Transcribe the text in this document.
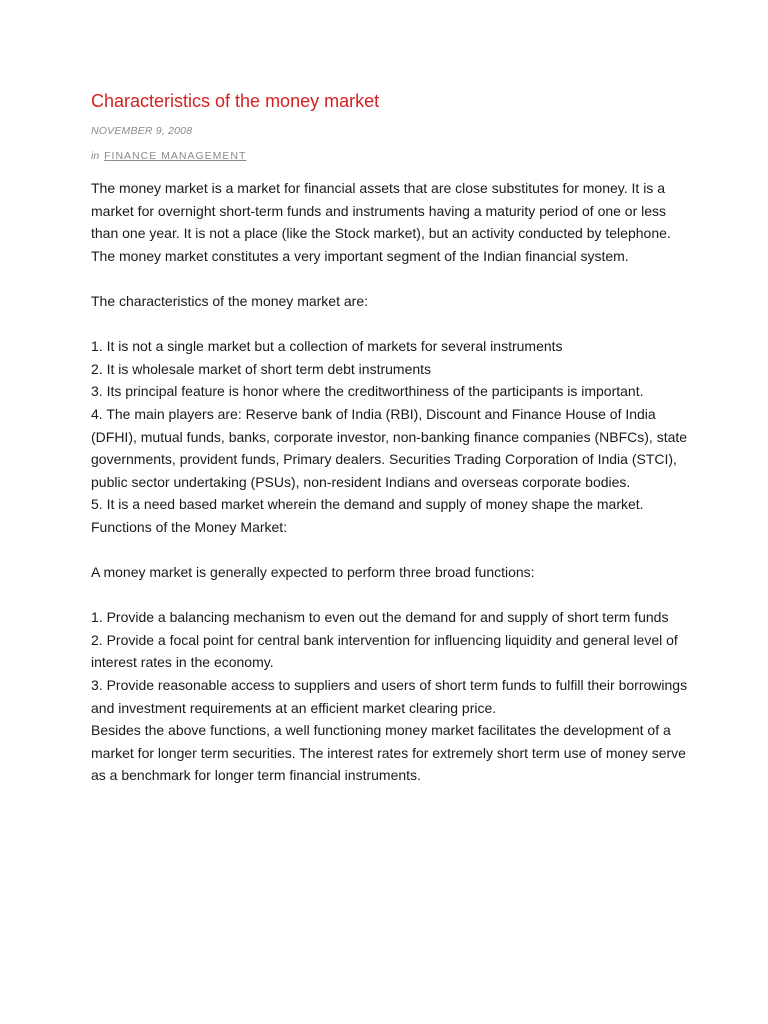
Characteristics of the money market
NOVEMBER 9, 2008
in FINANCE MANAGEMENT

The money market is a market for financial assets that are close substitutes for money. It is a market for overnight short-term funds and instruments having a maturity period of one or less than one year. It is not a place (like the Stock market), but an activity conducted by telephone. The money market constitutes a very important segment of the Indian financial system.

The characteristics of the money market are:

1. It is not a single market but a collection of markets for several instruments

2. It is wholesale market of short term debt instruments

3. Its principal feature is honor where the creditworthiness of the participants is important.

4. The main players are: Reserve bank of India (RBI), Discount and Finance House of India (DFHI), mutual funds, banks, corporate investor, non-banking finance companies (NBFCs), state governments, provident funds, Primary dealers. Securities Trading Corporation of India (STCI), public sector undertaking (PSUs), non-resident Indians and overseas corporate bodies.

5. It is a need based market wherein the demand and supply of money shape the market.

Functions of the Money Market:

A money market is generally expected to perform three broad functions:

1. Provide a balancing mechanism to even out the demand for and supply of short term funds

2. Provide a focal point for central bank intervention for influencing liquidity and general level of interest rates in the economy.

3. Provide reasonable access to suppliers and users of short term funds to fulfill their borrowings and investment requirements at an efficient market clearing price.

Besides the above functions, a well functioning money market facilitates the development of a market for longer term securities. The interest rates for extremely short term use of money serve as a benchmark for longer term financial instruments.
